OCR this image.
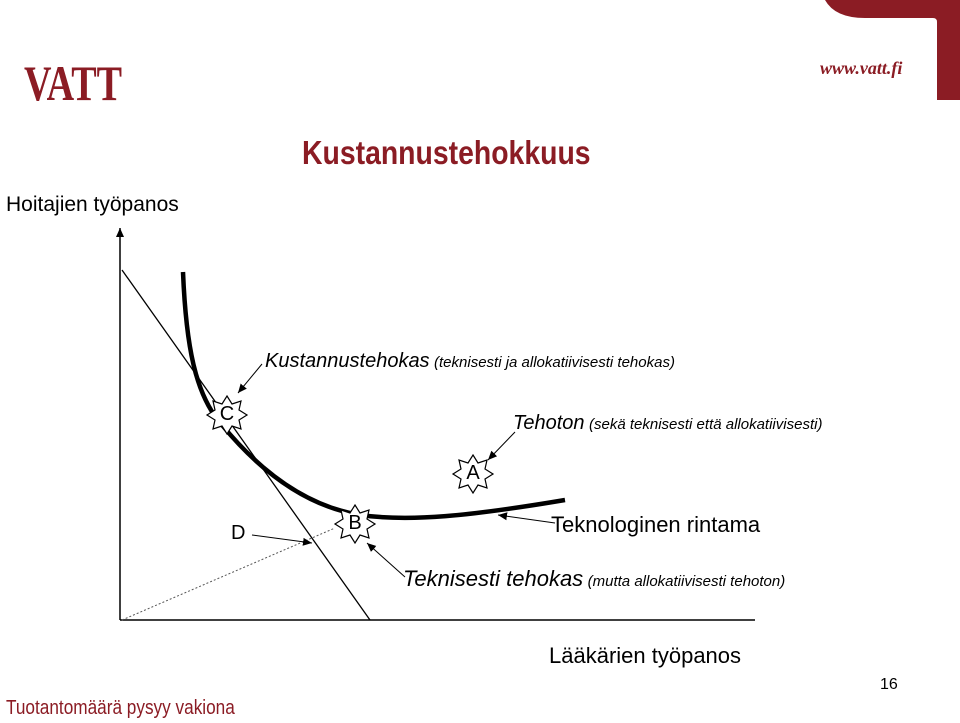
VATT	www.vatt.fi
Kustannustehokkuus
Hoitajien työpanos
C
A
B
D
Kustannustehokas (teknisesti ja allokatiivisesti tehokas)
Tehoton (sekä teknisesti että allokatiivisesti)
Teknologinen rintama
Teknisesti tehokas (mutta allokatiivisesti tehoton)
Lääkärien työpanos
16
Tuotantomäärä pysyy vakiona
